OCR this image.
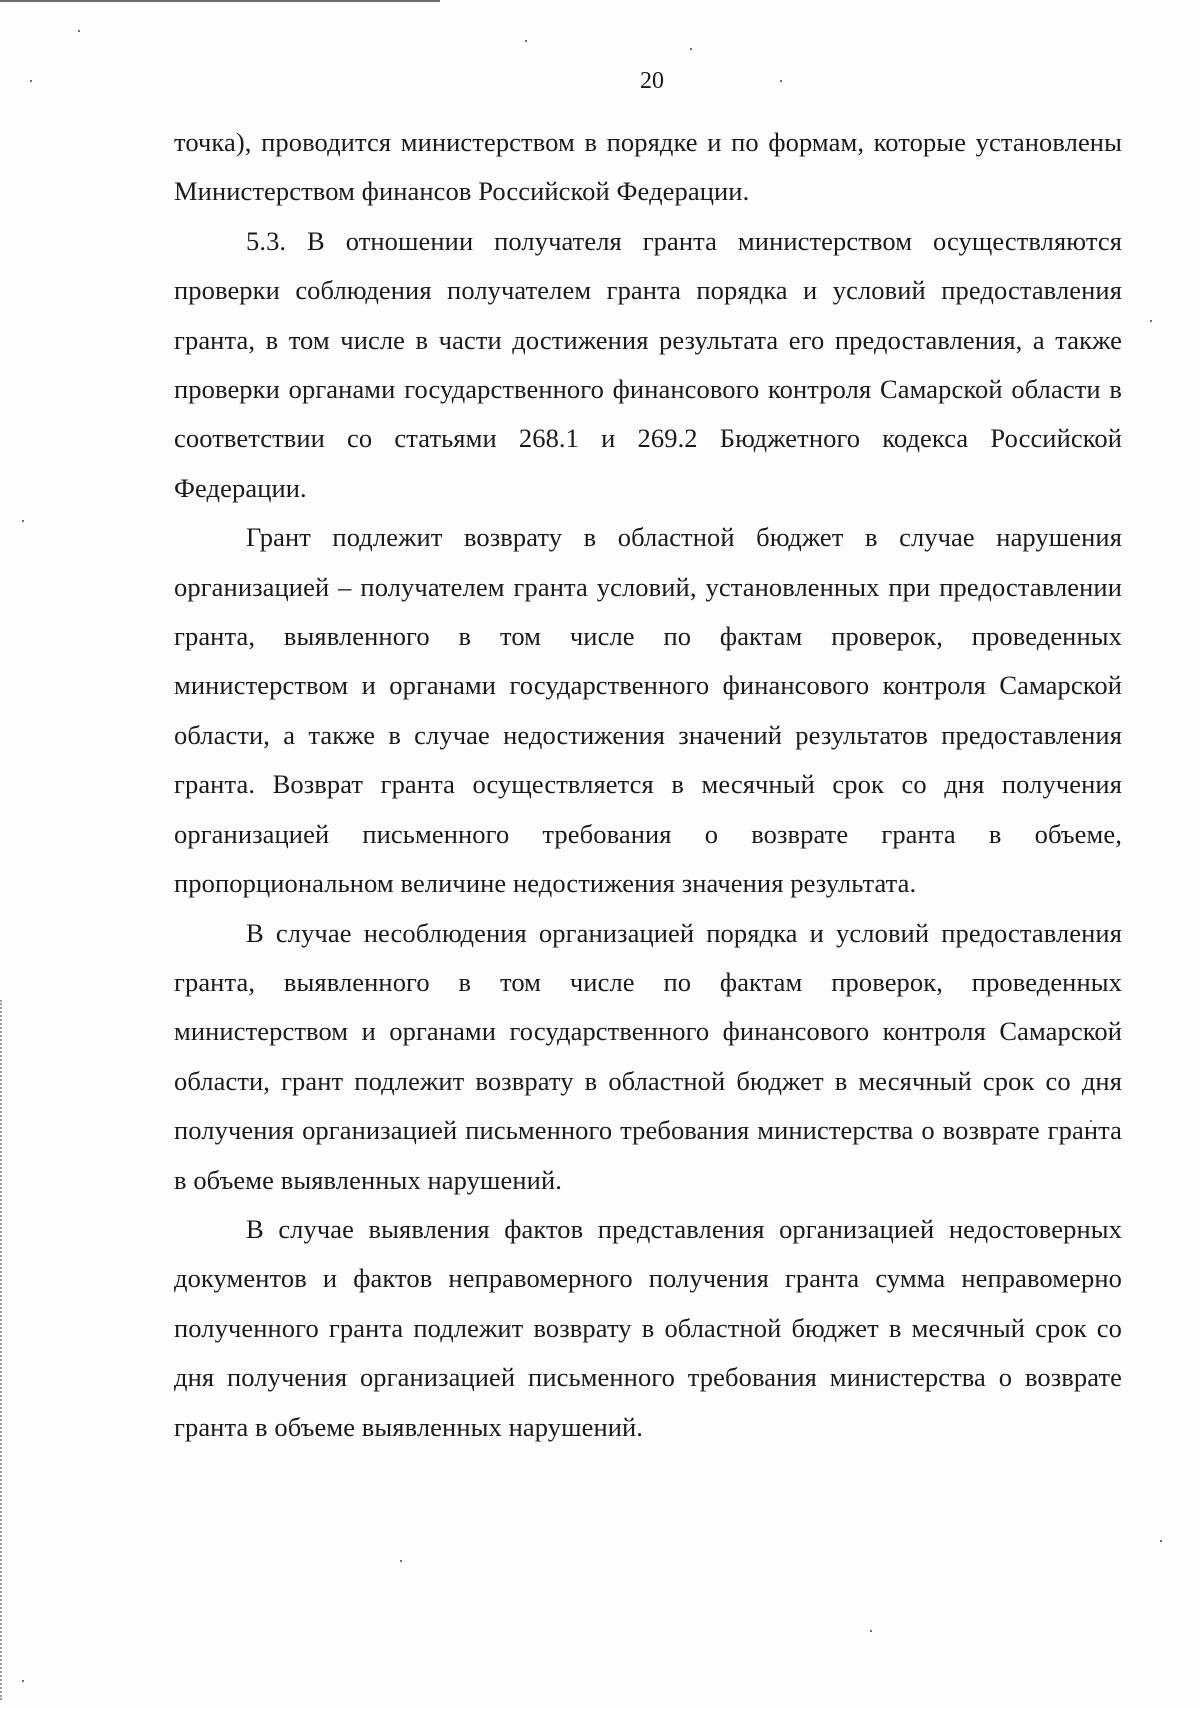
20

точка), проводится министерством в порядке и по формам, которые установлены Министерством финансов Российской Федерации.

5.3. В отношении получателя гранта министерством осуществляются проверки соблюдения получателем гранта порядка и условий предоставления гранта, в том числе в части достижения результата его предоставления, а также проверки органами государственного финансового контроля Самарской области в соответствии со статьями 268.1 и 269.2 Бюджетного кодекса Российской Федерации.

Грант подлежит возврату в областной бюджет в случае нарушения организацией – получателем гранта условий, установленных при предоставлении гранта, выявленного в том числе по фактам проверок, проведенных министерством и органами государственного финансового контроля Самарской области, а также в случае недостижения значений результатов предоставления гранта. Возврат гранта осуществляется в месячный срок со дня получения организацией письменного требования о возврате гранта в объеме, пропорциональном величине недостижения значения результата.

В случае несоблюдения организацией порядка и условий предоставления гранта, выявленного в том числе по фактам проверок, проведенных министерством и органами государственного финансового контроля Самарской области, грант подлежит возврату в областной бюджет в месячный срок со дня получения организацией письменного требования министерства о возврате гранта в объеме выявленных нарушений.

В случае выявления фактов представления организацией недостоверных документов и фактов неправомерного получения гранта сумма неправомерно полученного гранта подлежит возврату в областной бюджет в месячный срок со дня получения организацией письменного требования министерства о возврате гранта в объеме выявленных нарушений.
